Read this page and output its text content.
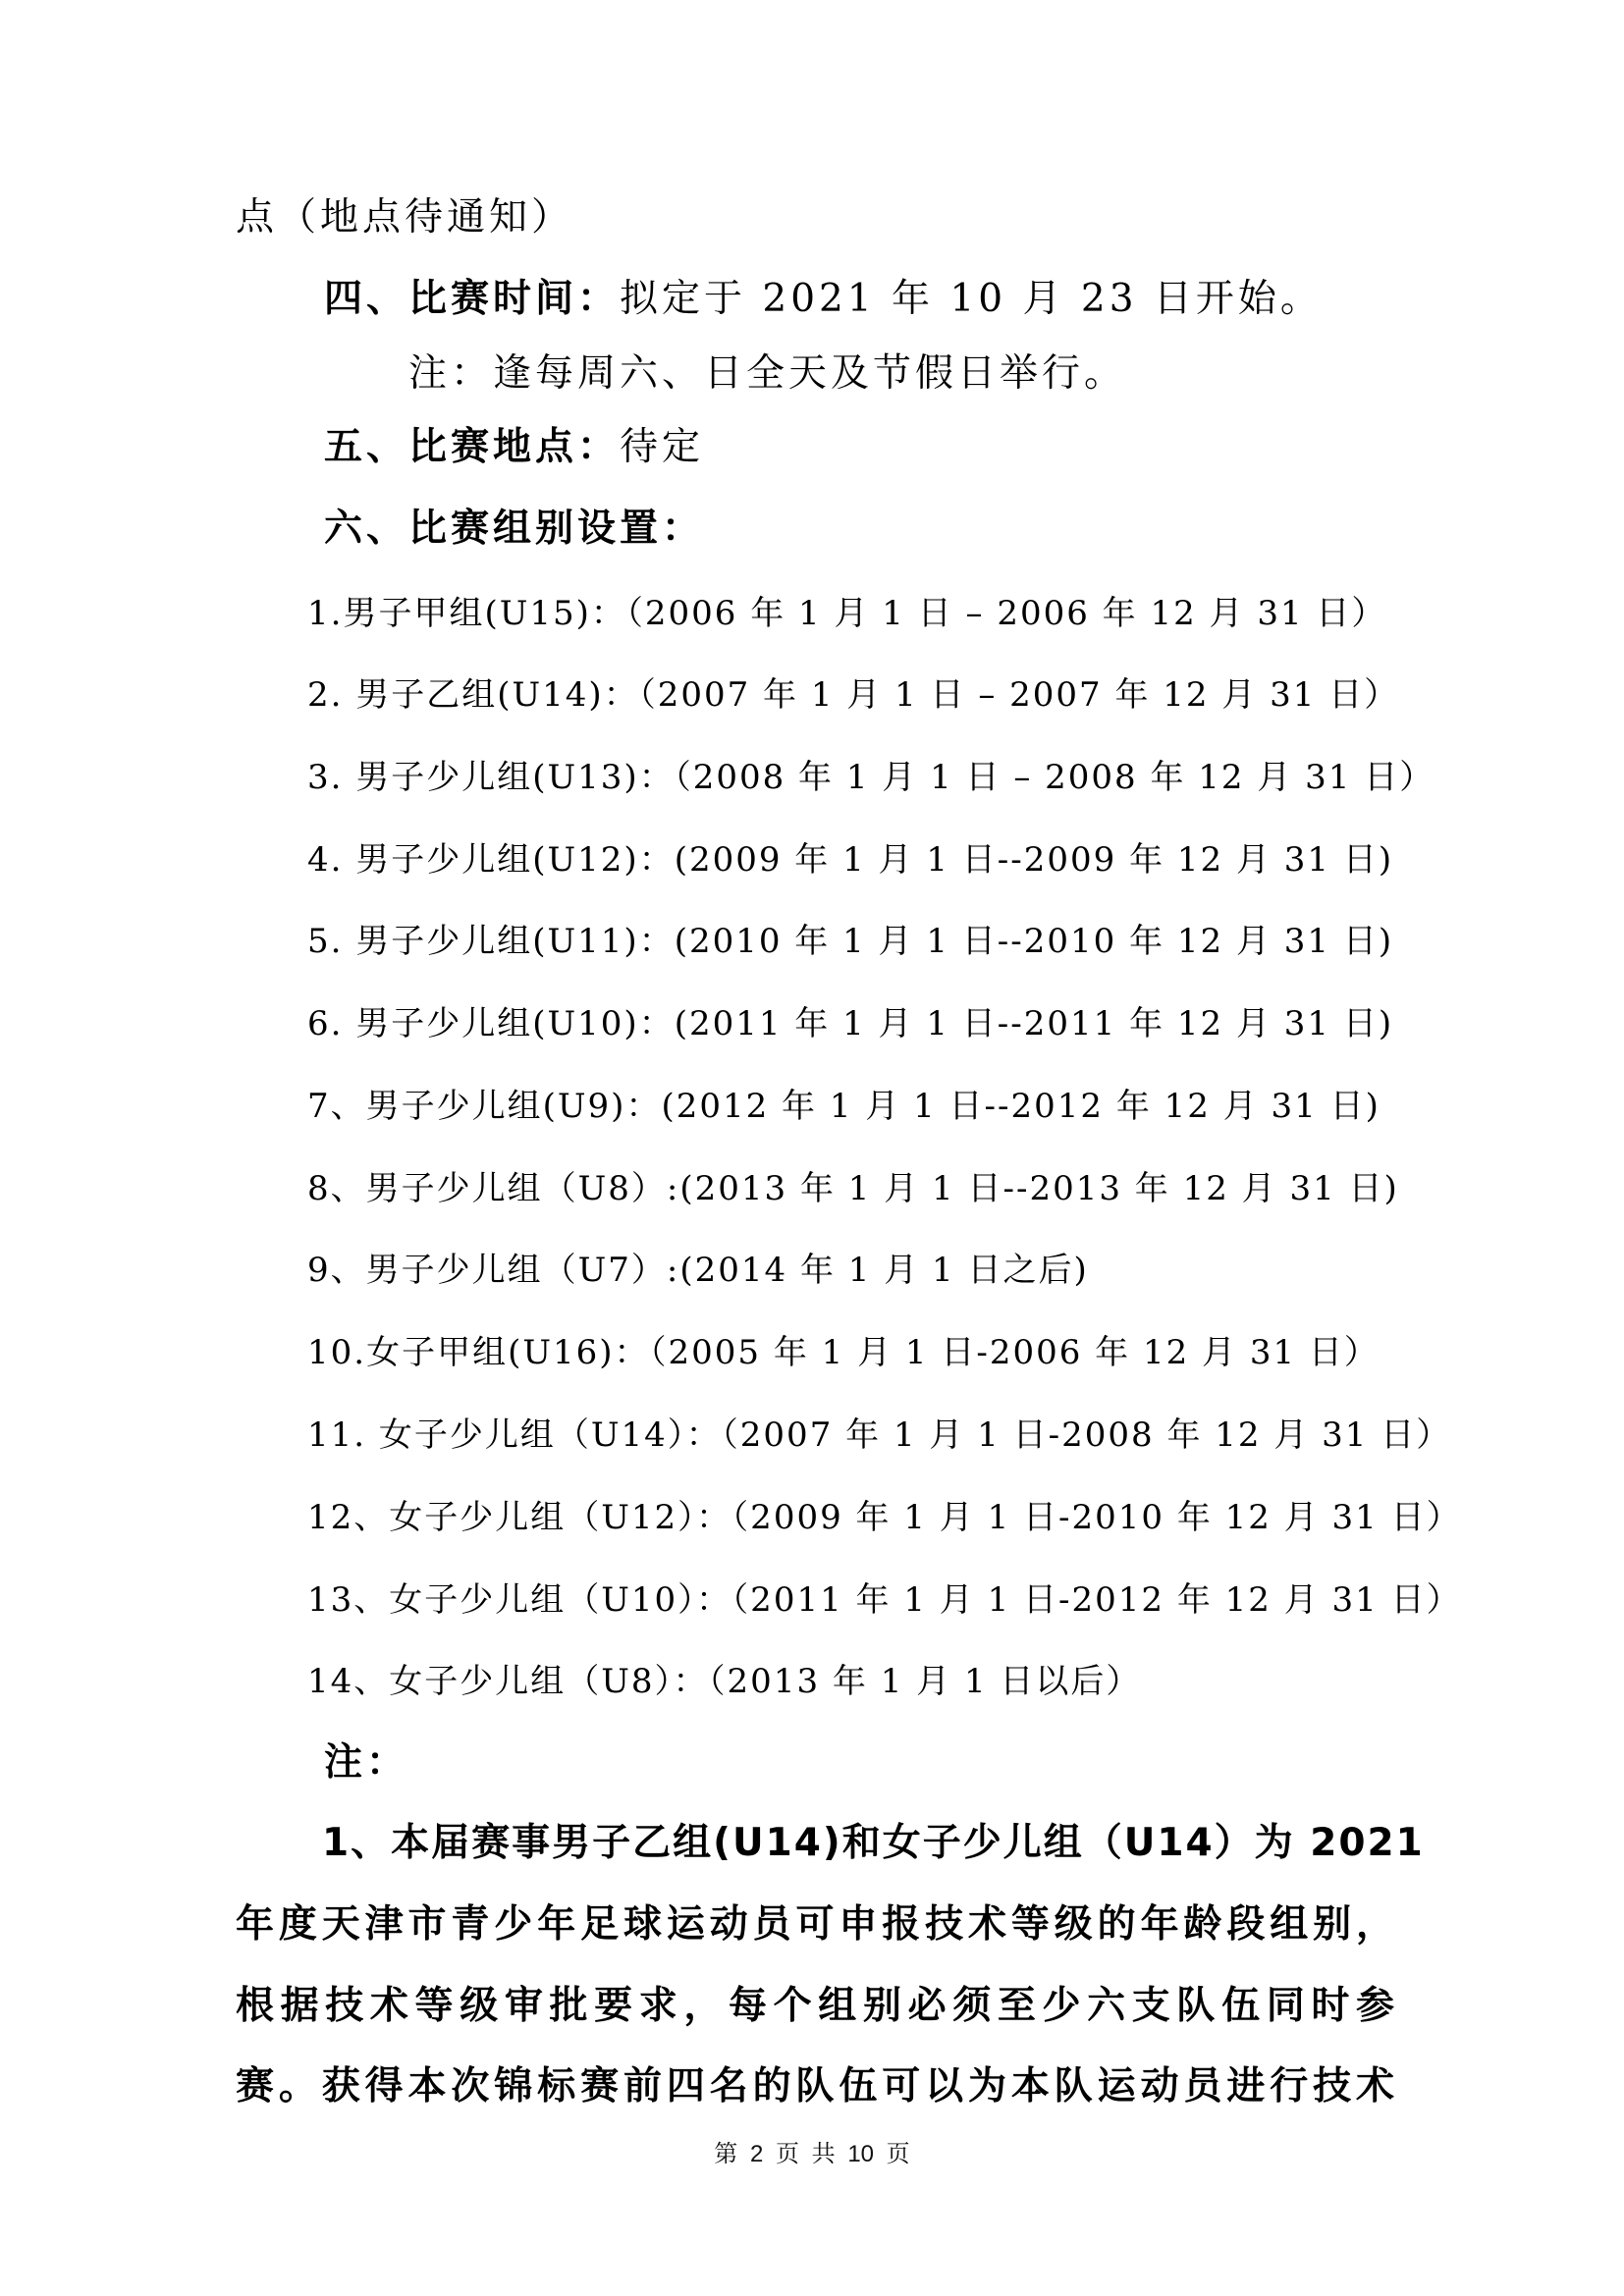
点（地点待通知）
四、比赛时间：拟定于 2021 年 10 月 23 日开始。
注：逢每周六、日全天及节假日举行。
五、比赛地点：待定
六、比赛组别设置：
1.男子甲组(U15)：（2006 年 1 月 1 日 – 2006 年 12 月 31 日）
2. 男子乙组(U14)：（2007 年 1 月 1 日 – 2007 年 12 月 31 日）
3. 男子少儿组(U13)：（2008 年 1 月 1 日 – 2008 年 12 月 31 日）
4. 男子少儿组(U12)：(2009 年 1 月 1 日--2009 年 12 月 31 日)
5. 男子少儿组(U11)：(2010 年 1 月 1 日--2010 年 12 月 31 日)
6. 男子少儿组(U10)：(2011 年 1 月 1 日--2011 年 12 月 31 日)
7、男子少儿组(U9)：(2012 年 1 月 1 日--2012 年 12 月 31 日)
8、男子少儿组（U8）:(2013 年 1 月 1 日--2013 年 12 月 31 日)
9、男子少儿组（U7）:(2014 年 1 月 1 日之后)
10.女子甲组(U16)：（2005 年 1 月 1 日-2006 年 12 月 31 日）
11. 女子少儿组（U14）：（2007 年 1 月 1 日-2008 年 12 月 31 日）
12、女子少儿组（U12）：（2009 年 1 月 1 日-2010 年 12 月 31 日）
13、女子少儿组（U10）：（2011 年 1 月 1 日-2012 年 12 月 31 日）
14、女子少儿组（U8）：（2013 年 1 月 1 日以后）
注：
1、本届赛事男子乙组(U14)和女子少儿组（U14）为 2021
年度天津市青少年足球运动员可申报技术等级的年龄段组别，
根据技术等级审批要求，每个组别必须至少六支队伍同时参
赛。获得本次锦标赛前四名的队伍可以为本队运动员进行技术
第 2 页 共 10 页
